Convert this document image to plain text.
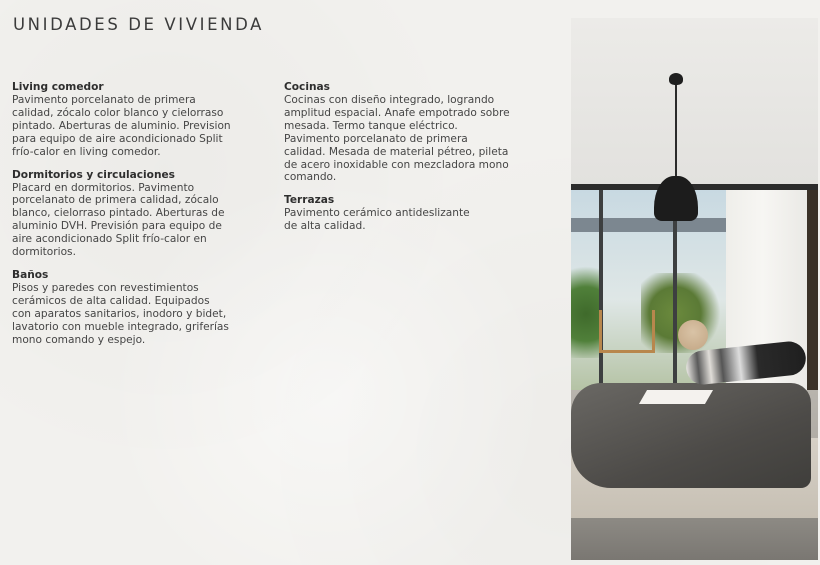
UNIDADES DE VIVIENDA

Living comedor

Pavimento porcelanato de primera
calidad, zócalo color blanco y cielorraso
pintado. Aberturas de aluminio. Prevision
para equipo de aire acondicionado Split
frío-calor en living comedor.

Dormitorios y circulaciones

Placard en dormitorios. Pavimento
porcelanato de primera calidad, zócalo
blanco, cielorraso pintado. Aberturas de
aluminio DVH. Previsión para equipo de
aire acondicionado Split frío-calor en
dormitorios.

Baños

Pisos y paredes con revestimientos
cerámicos de alta calidad. Equipados
con aparatos sanitarios, inodoro y bidet,
lavatorio con mueble integrado, griferías
mono comando y espejo.

Cocinas

Cocinas con diseño integrado, logrando
amplitud espacial. Anafe empotrado sobre
mesada. Termo tanque eléctrico.
Pavimento porcelanato de primera
calidad. Mesada de material pétreo, pileta
de acero inoxidable con mezcladora mono
comando.

Terrazas

Pavimento cerámico antideslizante
de alta calidad.
